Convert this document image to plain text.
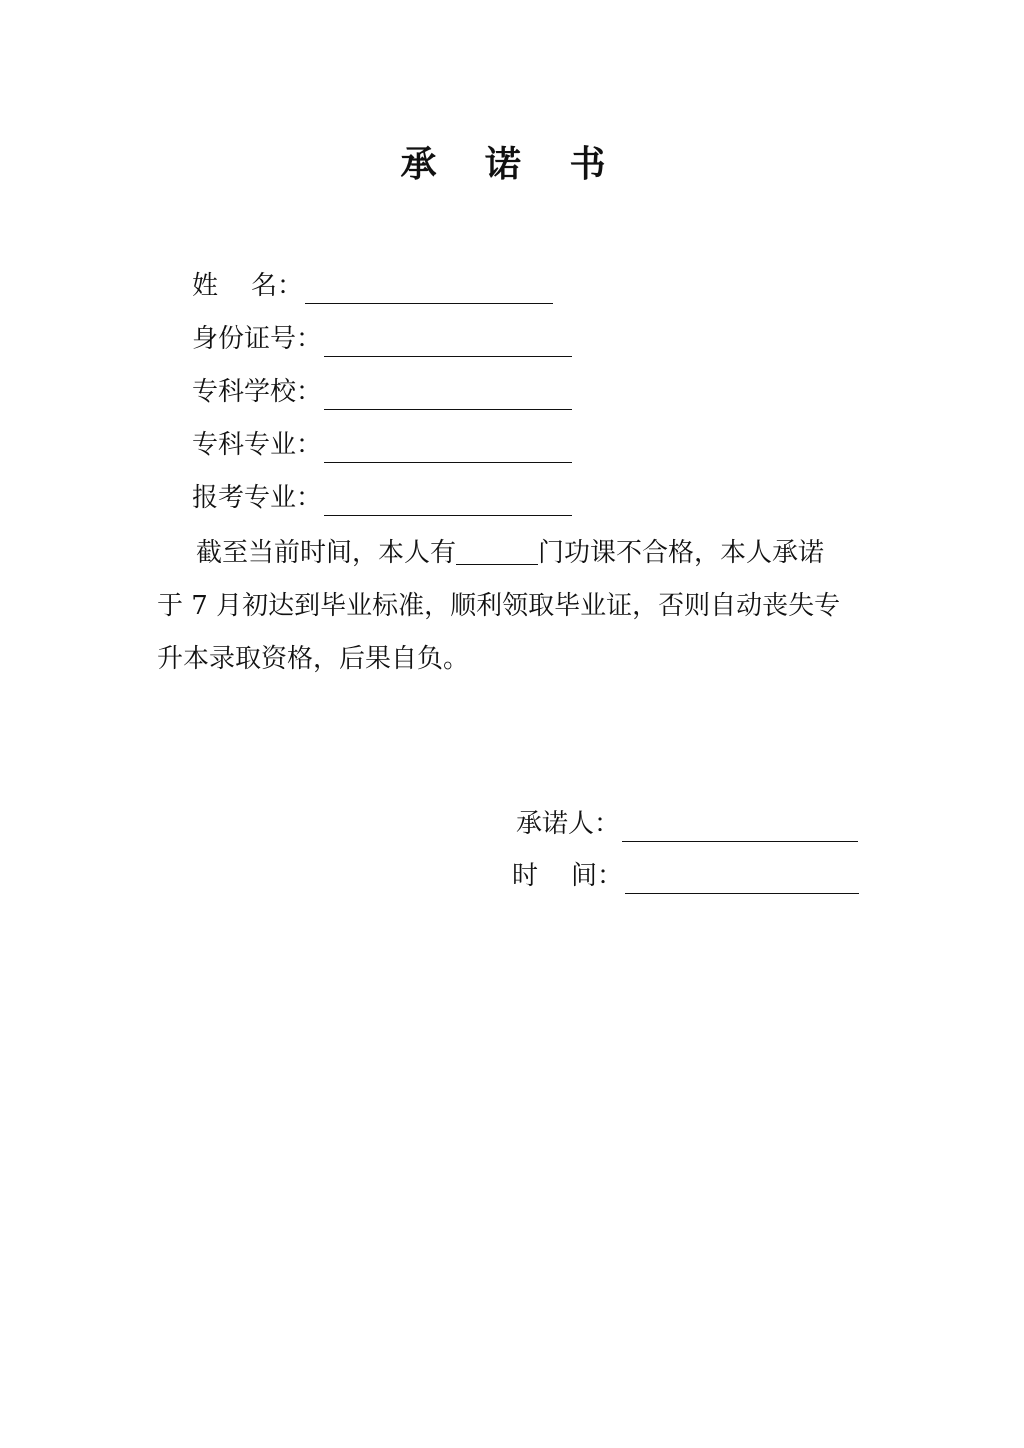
承 诺 书
姓    名：
身份证号：
专科学校：
专科专业：
报考专业：
截至当前时间，本人有	门功课不合格，本人承诺
于 7 月初达到毕业标准，顺利领取毕业证，否则自动丧失专
升本录取资格，后果自负。
承诺人：
时    间：
